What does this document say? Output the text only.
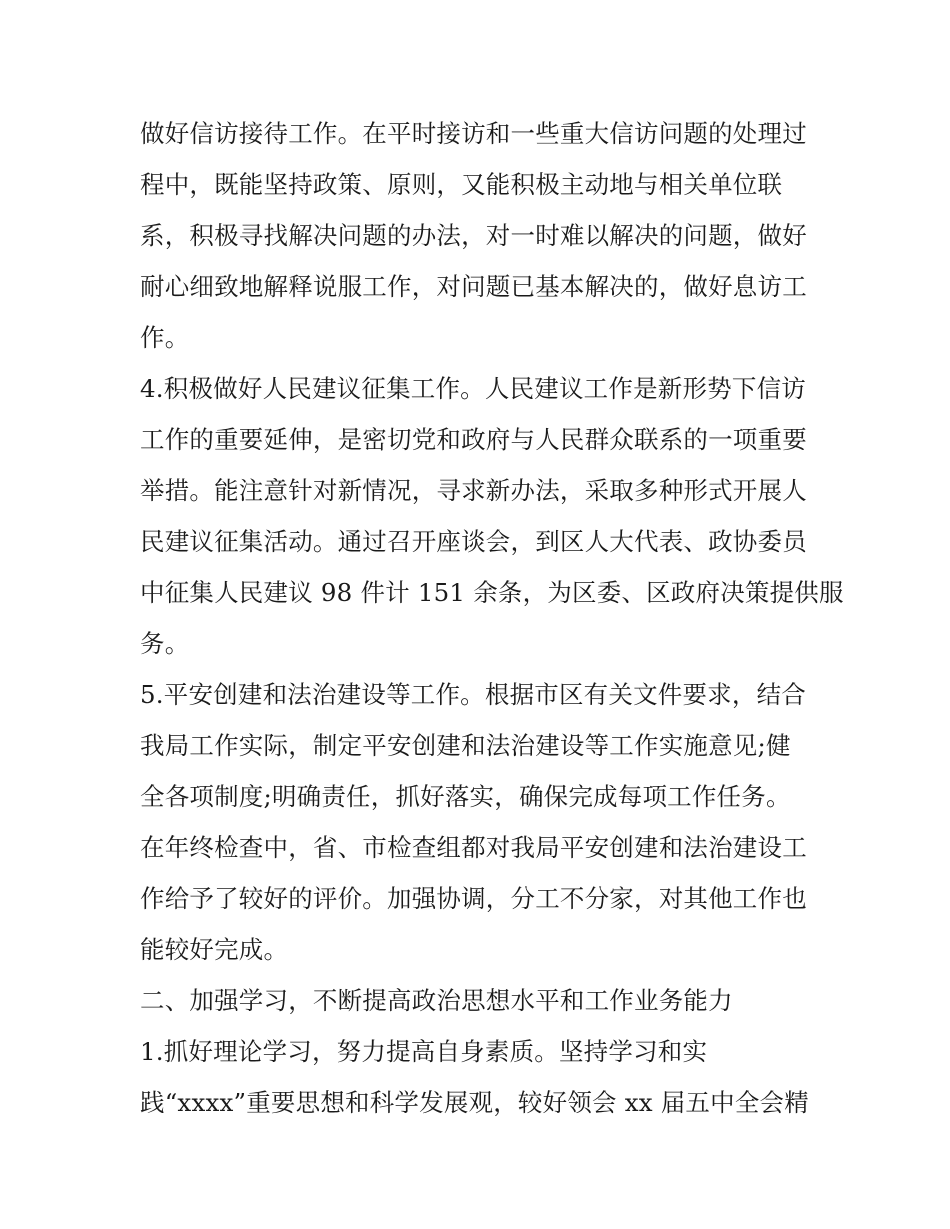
做好信访接待工作。在平时接访和一些重大信访问题的处理过
程中，既能坚持政策、原则，又能积极主动地与相关单位联
系，积极寻找解决问题的办法，对一时难以解决的问题，做好
耐心细致地解释说服工作，对问题已基本解决的，做好息访工
作。
4.积极做好人民建议征集工作。人民建议工作是新形势下信访
工作的重要延伸，是密切党和政府与人民群众联系的一项重要
举措。能注意针对新情况，寻求新办法，采取多种形式开展人
民建议征集活动。通过召开座谈会，到区人大代表、政协委员
中征集人民建议 98 件计 151 余条，为区委、区政府决策提供服
务。
5.平安创建和法治建设等工作。根据市区有关文件要求，结合
我局工作实际，制定平安创建和法治建设等工作实施意见;健
全各项制度;明确责任，抓好落实，确保完成每项工作任务。
在年终检查中，省、市检查组都对我局平安创建和法治建设工
作给予了较好的评价。加强协调，分工不分家，对其他工作也
能较好完成。
二、加强学习，不断提高政治思想水平和工作业务能力
1.抓好理论学习，努力提高自身素质。坚持学习和实
践“xxxx”重要思想和科学发展观，较好领会 xx 届五中全会精
